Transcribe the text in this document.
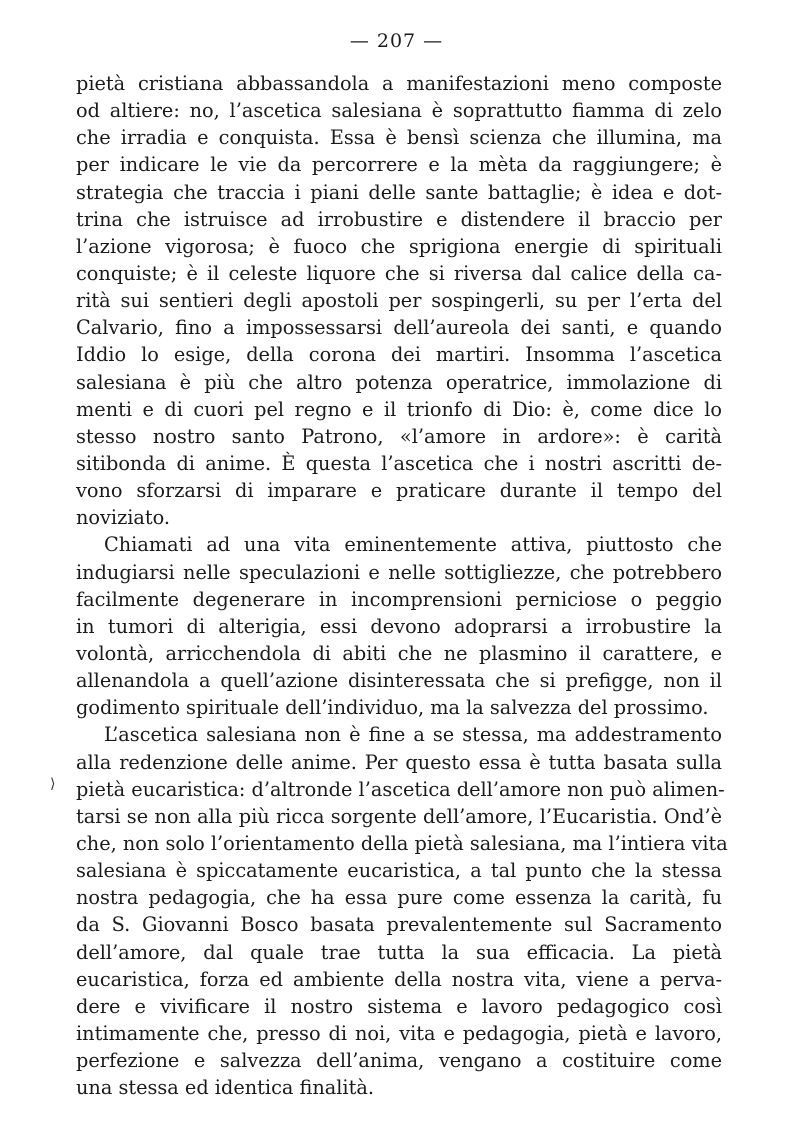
— 207 —
pietà cristiana abbassandola a manifestazioni meno composte
od altiere: no, l’ascetica salesiana è soprattutto fiamma di zelo
che irradia e conquista. Essa è bensì scienza che illumina, ma
per indicare le vie da percorrere e la mèta da raggiungere; è
strategia che traccia i piani delle sante battaglie; è idea e dot-
trina che istruisce ad irrobustire e distendere il braccio per
l’azione vigorosa; è fuoco che sprigiona energie di spirituali
conquiste; è il celeste liquore che si riversa dal calice della ca-
rità sui sentieri degli apostoli per sospingerli, su per l’erta del
Calvario, fino a impossessarsi dell’aureola dei santi, e quando
Iddio lo esige, della corona dei martiri. Insomma l’ascetica
salesiana è più che altro potenza operatrice, immolazione di
menti e di cuori pel regno e il trionfo di Dio: è, come dice lo
stesso nostro santo Patrono, «l’amore in ardore»: è carità
sitibonda di anime. È questa l’ascetica che i nostri ascritti de-
vono sforzarsi di imparare e praticare durante il tempo del
noviziato.
Chiamati ad una vita eminentemente attiva, piuttosto che
indugiarsi nelle speculazioni e nelle sottigliezze, che potrebbero
facilmente degenerare in incomprensioni perniciose o peggio
in tumori di alterigia, essi devono adoprarsi a irrobustire la
volontà, arricchendola di abiti che ne plasmino il carattere, e
allenandola a quell’azione disinteressata che si prefigge, non il
godimento spirituale dell’individuo, ma la salvezza del prossimo.
L’ascetica salesiana non è fine a se stessa, ma addestramento
alla redenzione delle anime. Per questo essa è tutta basata sulla
pietà eucaristica: d’altronde l’ascetica dell’amore non può alimen-
tarsi se non alla più ricca sorgente dell’amore, l’Eucaristia. Ond’è
che, non solo l’orientamento della pietà salesiana, ma l’intiera vita
salesiana è spiccatamente eucaristica, a tal punto che la stessa
nostra pedagogia, che ha essa pure come essenza la carità, fu
da S. Giovanni Bosco basata prevalentemente sul Sacramento
dell’amore, dal quale trae tutta la sua efficacia. La pietà
eucaristica, forza ed ambiente della nostra vita, viene a perva-
dere e vivificare il nostro sistema e lavoro pedagogico così
intimamente che, presso di noi, vita e pedagogia, pietà e lavoro,
perfezione e salvezza dell’anima, vengano a costituire come
una stessa ed identica finalità.
⟩
